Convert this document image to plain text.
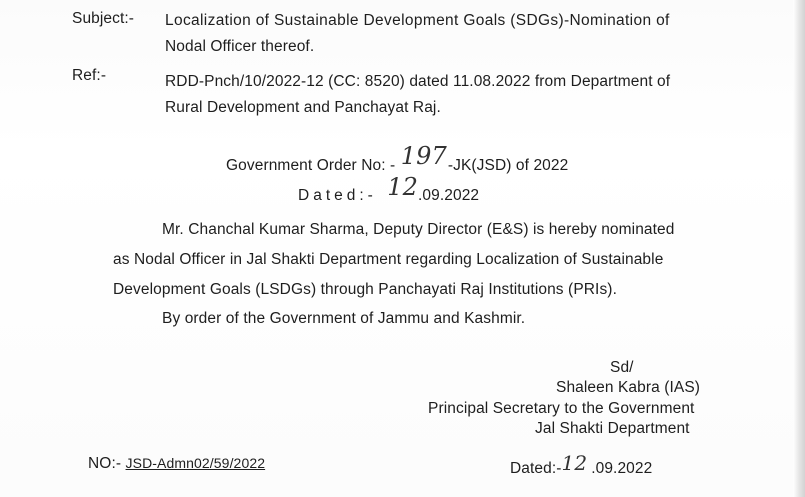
Subject:- Localization of Sustainable Development Goals (SDGs)-Nomination of
Nodal Officer thereof.
Ref:-	RDD-Pnch/10/2022-12 (CC: 8520) dated 11.08.2022 from Department of
Rural Development and Panchayat Raj.
Government Order No: - 197-JK(JSD) of 2022
Dated:- 12.09.2022
Mr. Chanchal Kumar Sharma, Deputy Director (E&S) is hereby nominated
as Nodal Officer in Jal Shakti Department regarding Localization of Sustainable
Development Goals (LSDGs) through Panchayati Raj Institutions (PRIs).
By order of the Government of Jammu and Kashmir.
Sd/
Shaleen Kabra (IAS)
Principal Secretary to the Government
Jal Shakti Department
NO:- JSD-Admn02/59/2022	Dated:-12 .09.2022
